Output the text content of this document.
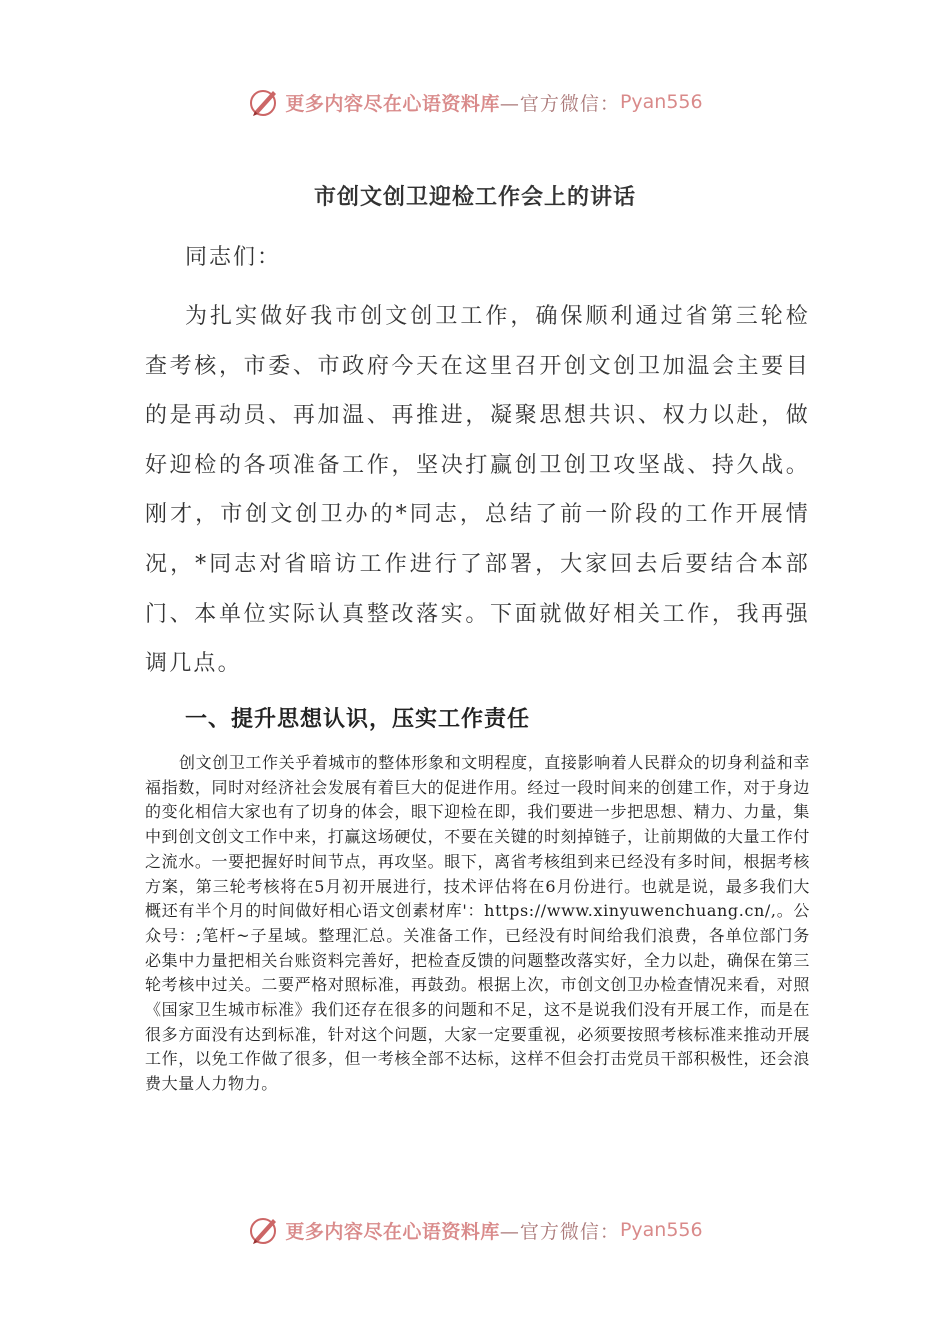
更多内容尽在心语资料库 —官方微信： Pyan556
市创文创卫迎检工作会上的讲话
同志们：

为扎实做好我市创文创卫工作，确保顺利通过省第三轮检查考核，市委、市政府今天在这里召开创文创卫加温会主要目的是再动员、再加温、再推进，凝聚思想共识、权力以赴，做好迎检的各项准备工作，坚决打赢创卫创卫攻坚战、持久战。刚才，市创文创卫办的*同志，总结了前一阶段的工作开展情况，*同志对省暗访工作进行了部署，大家回去后要结合本部门、本单位实际认真整改落实。下面就做好相关工作，我再强调几点。

一、提升思想认识，压实工作责任

创文创卫工作关乎着城市的整体形象和文明程度，直接影响着人民群众的切身利益和幸福指数，同时对经济社会发展有着巨大的促进作用。经过一段时间来的创建工作，对于身边的变化相信大家也有了切身的体会，眼下迎检在即，我们要进一步把思想、精力、力量，集中到创文创文工作中来，打赢这场硬仗，不要在关键的时刻掉链子，让前期做的大量工作付之流水。一要把握好时间节点，再攻坚。眼下，离省考核组到来已经没有多时间，根据考核方案，第三轮考核将在5月初开展进行，技术评估将在6月份进行。也就是说，最多我们大概还有半个月的时间做好相心语文创素材库'：https://www.xinyuwenchuang.cn/,。公众号：;笔杆~子星域。整理汇总。关准备工作，已经没有时间给我们浪费，各单位部门务必集中力量把相关台账资料完善好，把检查反馈的问题整改落实好，全力以赴，确保在第三轮考核中过关。二要严格对照标准，再鼓劲。根据上次，市创文创卫办检查情况来看，对照《国家卫生城市标准》我们还存在很多的问题和不足，这不是说我们没有开展工作，而是在很多方面没有达到标准，针对这个问题，大家一定要重视，必须要按照考核标准来推动开展工作，以免工作做了很多，但一考核全部不达标，这样不但会打击党员干部积极性，还会浪费大量人力物力。

更多内容尽在心语资料库 —官方微信： Pyan556
